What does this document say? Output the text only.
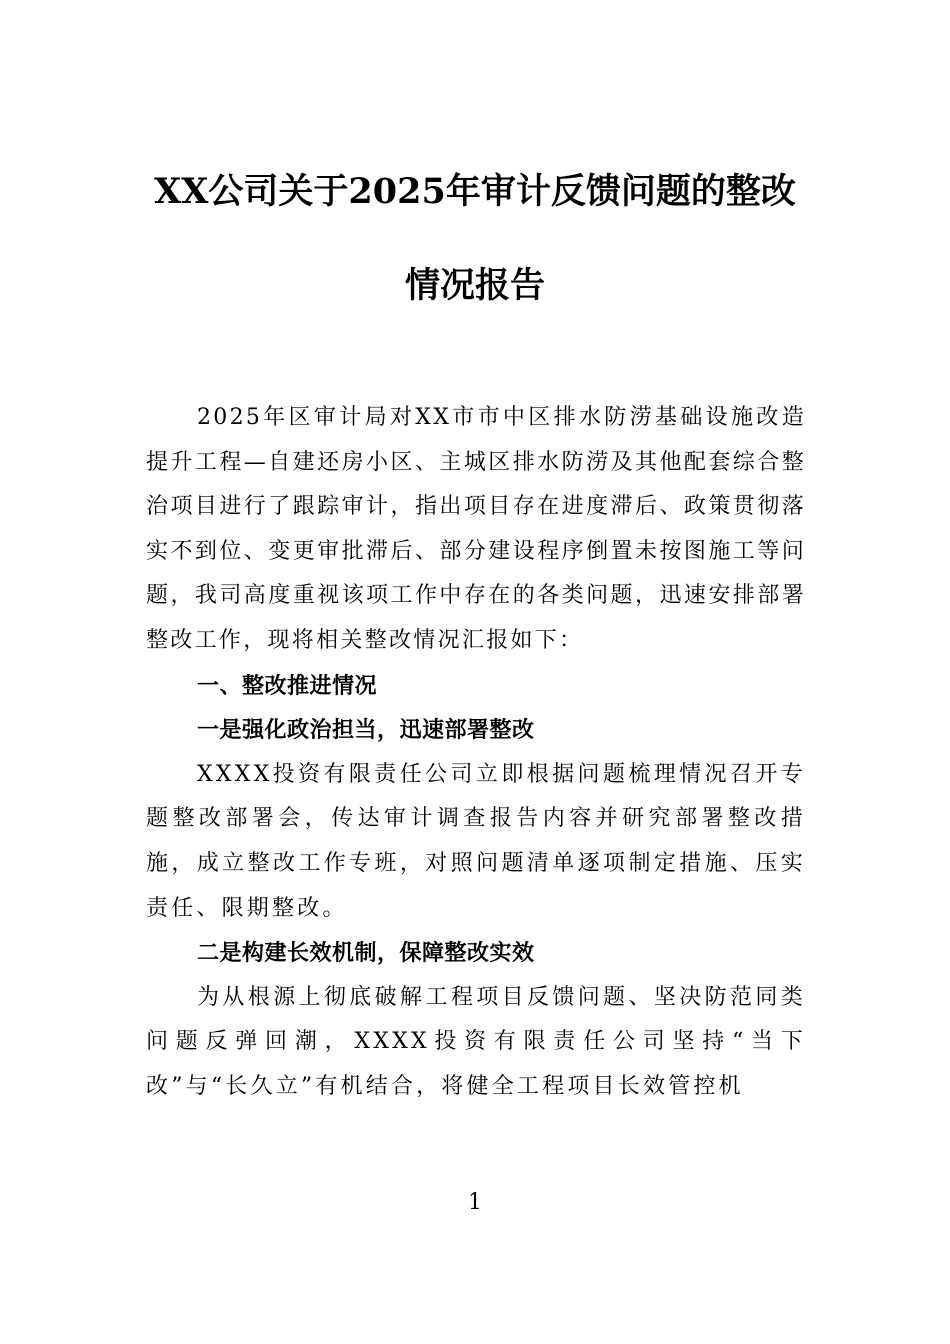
XX公司关于2025年审计反馈问题的整改
情况报告

2025年区审计局对XX市市中区排水防涝基础设施改造提升工程—自建还房小区、主城区排水防涝及其他配套综合整治项目进行了跟踪审计，指出项目存在进度滞后、政策贯彻落实不到位、变更审批滞后、部分建设程序倒置未按图施工等问题，我司高度重视该项工作中存在的各类问题，迅速安排部署整改工作，现将相关整改情况汇报如下：

一、整改推进情况

一是强化政治担当，迅速部署整改

XXXX投资有限责任公司立即根据问题梳理情况召开专题整改部署会，传达审计调查报告内容并研究部署整改措施，成立整改工作专班，对照问题清单逐项制定措施、压实责任、限期整改。

二是构建长效机制，保障整改实效

为从根源上彻底破解工程项目反馈问题、坚决防范同类问题反弹回潮，XXXX投资有限责任公司坚持“当下改”与“长久立”有机结合，将健全工程项目长效管控机

1
